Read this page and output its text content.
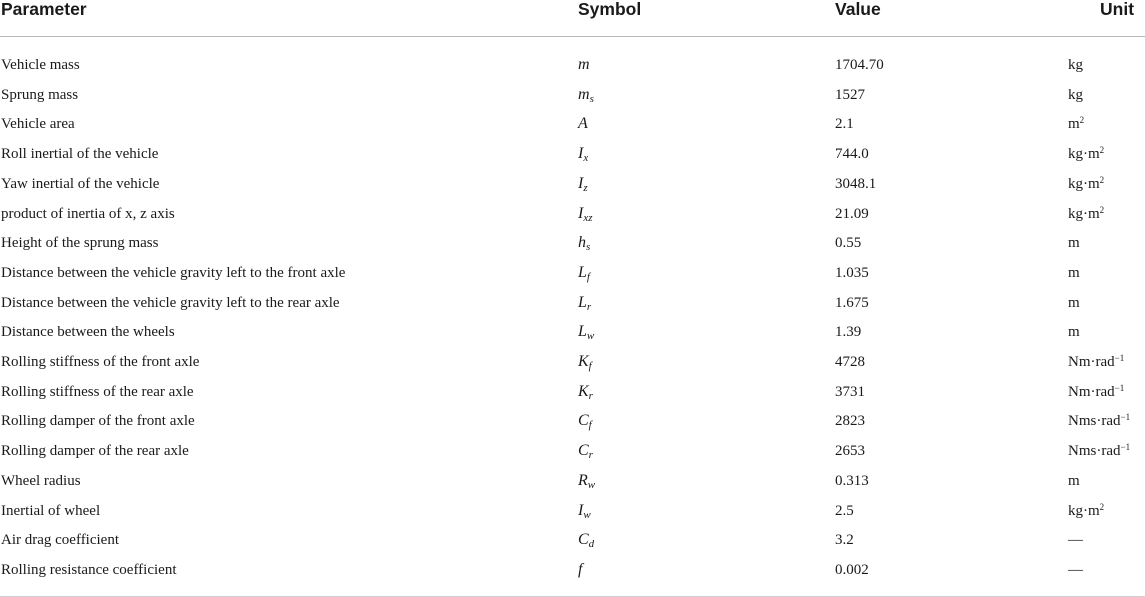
Parameter	Symbol	Value	Unit
Vehicle mass	m	1704.70	kg
Sprung mass	$m_s$	1527	kg
Vehicle area	A	2.1	$m^2$
Roll inertial of the vehicle	$I_x$	744.0	$kg\cdot m^2$
Yaw inertial of the vehicle	$I_z$	3048.1	$kg\cdot m^2$
product of inertia of x, z axis	$I_{xz}$	21.09	$kg\cdot m^2$
Height of the sprung mass	$h_s$	0.55	m
Distance between the vehicle gravity left to the front axle	$L_f$	1.035	m
Distance between the vehicle gravity left to the rear axle	$L_r$	1.675	m
Distance between the wheels	$L_w$	1.39	m
Rolling stiffness of the front axle	$K_f$	4728	Nm·rad$^{-1}$
Rolling stiffness of the rear axle	$K_r$	3731	Nm·rad$^{-1}$
Rolling damper of the front axle	$C_f$	2823	Nms·rad$^{-1}$
Rolling damper of the rear axle	$C_r$	2653	Nms·rad$^{-1}$
Wheel radius	$R_w$	0.313	m
Inertial of wheel	$I_w$	2.5	$kg\cdot m^2$
Air drag coefficient	$C_d$	3.2	—
Rolling resistance coefficient	f	0.002	—
